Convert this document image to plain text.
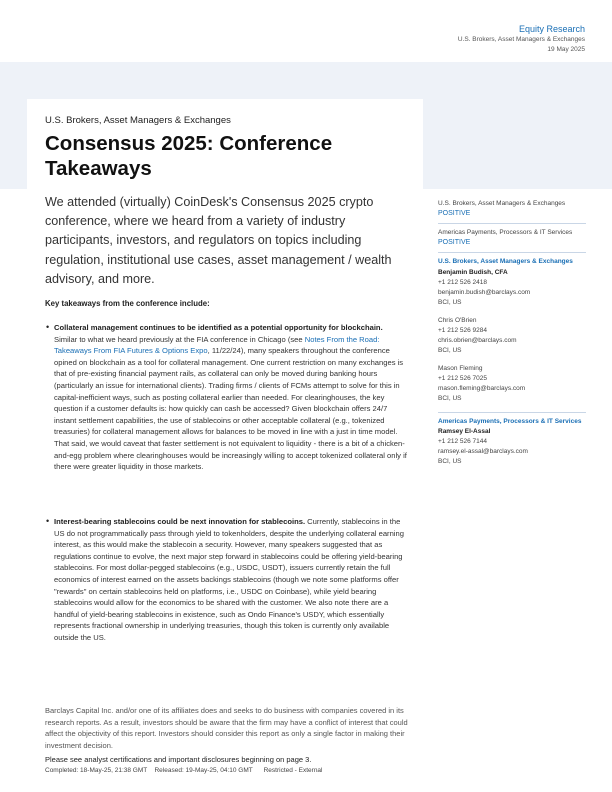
Equity Research
U.S. Brokers, Asset Managers & Exchanges
19 May 2025
U.S. Brokers, Asset Managers & Exchanges
Consensus 2025: Conference Takeaways
We attended (virtually) CoinDesk's Consensus 2025 crypto conference, where we heard from a variety of industry participants, investors, and regulators on topics including regulation, institutional use cases, asset management / wealth advisory, and more.
Key takeaways from the conference include:
• Collateral management continues to be identified as a potential opportunity for blockchain. Similar to what we heard previously at the FIA conference in Chicago (see Notes From the Road: Takeaways From FIA Futures & Options Expo, 11/22/24), many speakers throughout the conference opined on blockchain as a tool for collateral management. One current restriction on many exchanges is that of pre-existing financial payment rails, as collateral can only be moved during banking hours (particularly an issue for international clients). Trading firms / clients of FCMs attempt to solve for this in capital-inefficient ways, such as posting collateral earlier than needed. For clearinghouses, the key question if a customer defaults is: how quickly can cash be accessed? Given blockchain offers 24/7 instant settlement capabilities, the use of stablecoins or other acceptable collateral (e.g., tokenized treasuries) for collateral management allows for balances to be moved in line with a just in time model. That said, we would caveat that faster settlement is not equivalent to liquidity - there is a bit of a chicken-and-egg problem where clearinghouses would be increasingly willing to accept tokenized collateral only if there were greater liquidity in those markets.
• Interest-bearing stablecoins could be next innovation for stablecoins. Currently, stablecoins in the US do not programmatically pass through yield to tokenholders, despite the underlying collateral earning interest, as this would make the stablecoin a security. However, many speakers suggested that as regulations continue to evolve, the next major step forward in stablecoins could be offering yield-bearing stablecoins. For most dollar-pegged stablecoins (e.g., USDC, USDT), issuers currently retain the full economics of interest earned on the assets backings stablecoins (though we note some platforms offer "rewards" on certain stablecoins held on platforms, i.e., USDC on Coinbase), while yield bearing stablecoins would allow for the economics to be shared with the customer. We also note there are a handful of yield-bearing stablecoins in existence, such as Ondo Finance's USDY, which essentially represents fractional ownership in underlying treasuries, though this token is currently only available outside the US.
U.S. Brokers, Asset Managers & Exchanges
POSITIVE
Americas Payments, Processors & IT Services
POSITIVE
U.S. Brokers, Asset Managers & Exchanges
Benjamin Budish, CFA
+1 212 526 2418
benjamin.budish@barclays.com
BCI, US
Chris O'Brien
+1 212 526 9284
chris.obrien@barclays.com
BCI, US
Mason Fleming
+1 212 526 7025
mason.fleming@barclays.com
BCI, US
Americas Payments, Processors & IT Services
Ramsey El-Assal
+1 212 526 7144
ramsey.el-assal@barclays.com
BCI, US
Barclays Capital Inc. and/or one of its affiliates does and seeks to do business with companies covered in its research reports. As a result, investors should be aware that the firm may have a conflict of interest that could affect the objectivity of this report. Investors should consider this report as only a single factor in making their investment decision.
Please see analyst certifications and important disclosures beginning on page 3.
Completed: 18-May-25, 21:38 GMT Released: 19-May-25, 04:10 GMT Restricted - External
